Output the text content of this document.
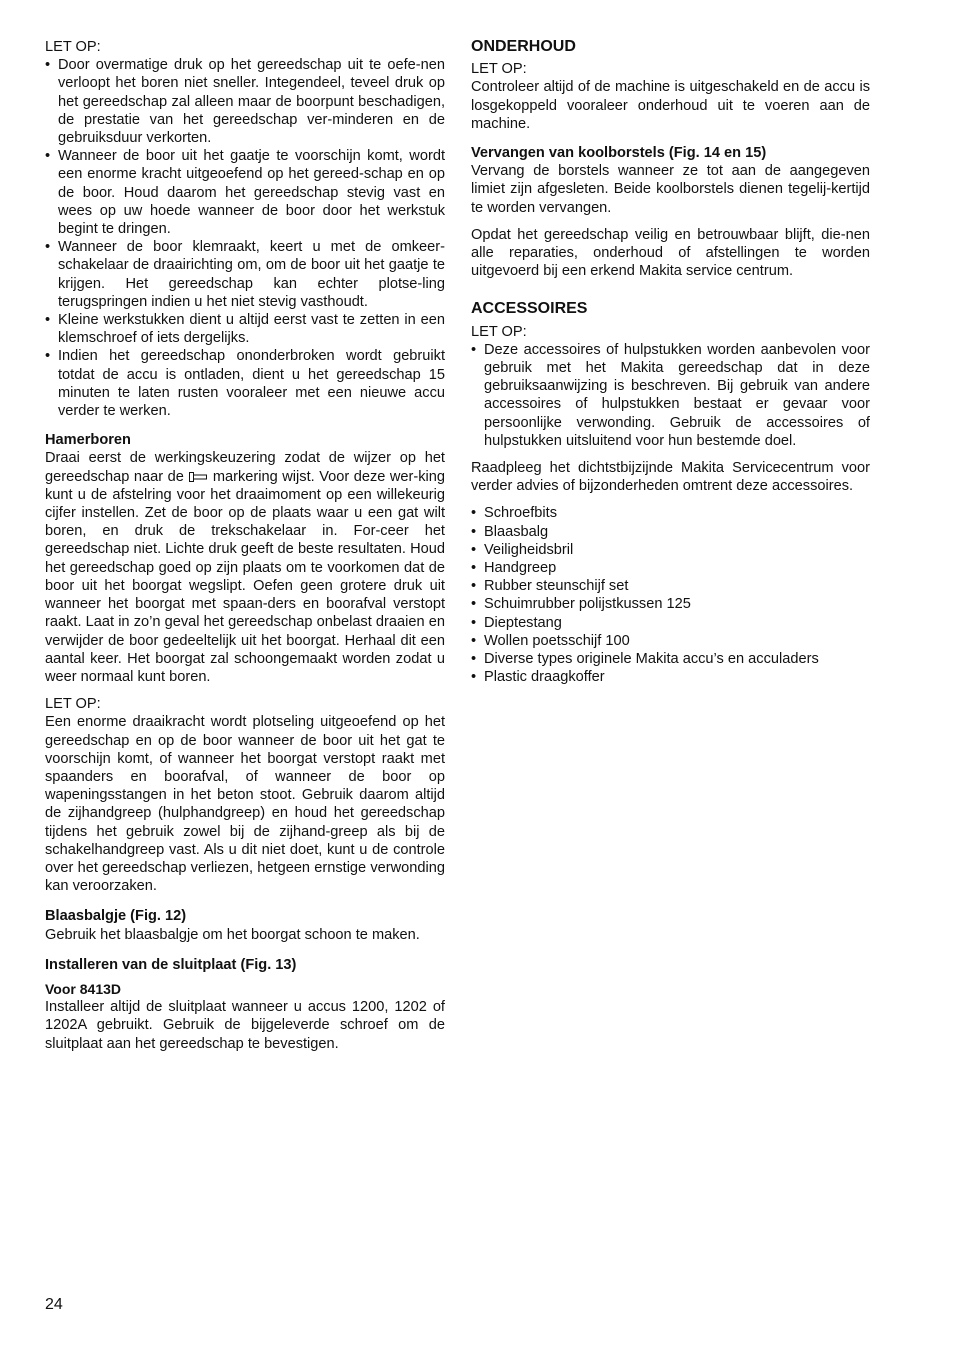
LET OP:

• Door overmatige druk op het gereedschap uit te oefe-nen verloopt het boren niet sneller. Integendeel, teveel druk op het gereedschap zal alleen maar de boorpunt beschadigen, de prestatie van het gereedschap ver-minderen en de gebruiksduur verkorten.
• Wanneer de boor uit het gaatje te voorschijn komt, wordt een enorme kracht uitgeoefend op het gereed-schap en op de boor. Houd daarom het gereedschap stevig vast en wees op uw hoede wanneer de boor door het werkstuk begint te dringen.
• Wanneer de boor klemraakt, keert u met de omkeer-schakelaar de draairichting om, om de boor uit het gaatje te krijgen. Het gereedschap kan echter plotse-ling terugspringen indien u het niet stevig vasthoudt.
• Kleine werkstukken dient u altijd eerst vast te zetten in een klemschroef of iets dergelijks.
• Indien het gereedschap ononderbroken wordt gebruikt totdat de accu is ontladen, dient u het gereedschap 15 minuten te laten rusten vooraleer met een nieuwe accu verder te werken.
Hamerboren

Draai eerst de werkingskeuzering zodat de wijzer op het gereedschap naar de markering wijst. Voor deze wer-king kunt u de afstelring voor het draaimoment op een willekeurig cijfer instellen. Zet de boor op de plaats waar u een gat wilt boren, en druk de trekschakelaar in. For-ceer het gereedschap niet. Lichte druk geeft de beste resultaten. Houd het gereedschap goed op zijn plaats om te voorkomen dat de boor uit het boorgat wegslipt. Oefen geen grotere druk uit wanneer het boorgat met spaan-ders en boorafval verstopt raakt. Laat in zo’n geval het gereedschap onbelast draaien en verwijder de boor gedeeltelijk uit het boorgat. Herhaal dit een aantal keer. Het boorgat zal schoongemaakt worden zodat u weer normaal kunt boren.

LET OP:

Een enorme draaikracht wordt plotseling uitgeoefend op het gereedschap en op de boor wanneer de boor uit het gat te voorschijn komt, of wanneer het boorgat verstopt raakt met spaanders en boorafval, of wanneer de boor op wapeningsstangen in het beton stoot. Gebruik daarom altijd de zijhandgreep (hulphandgreep) en houd het gereedschap tijdens het gebruik zowel bij de zijhand-greep als bij de schakelhandgreep vast. Als u dit niet doet, kunt u de controle over het gereedschap verliezen, hetgeen ernstige verwonding kan veroorzaken.

Blaasbalgje (Fig. 12)

Gebruik het blaasbalgje om het boorgat schoon te maken.

Installeren van de sluitplaat (Fig. 13)
Voor 8413D

Installeer altijd de sluitplaat wanneer u accus 1200, 1202 of 1202A gebruikt. Gebruik de bijgeleverde schroef om de sluitplaat aan het gereedschap te bevestigen.

ONDERHOUD

LET OP:

Controleer altijd of de machine is uitgeschakeld en de accu is losgekoppeld vooraleer onderhoud uit te voeren aan de machine.

Vervangen van koolborstels (Fig. 14 en 15)

Vervang de borstels wanneer ze tot aan de aangegeven limiet zijn afgesleten. Beide koolborstels dienen tegelij-kertijd te worden vervangen.

Opdat het gereedschap veilig en betrouwbaar blijft, die-nen alle reparaties, onderhoud of afstellingen te worden uitgevoerd bij een erkend Makita service centrum.

ACCESSOIRES

LET OP:

• Deze accessoires of hulpstukken worden aanbevolen voor gebruik met het Makita gereedschap dat in deze gebruiksaanwijzing is beschreven. Bij gebruik van andere accessoires of hulpstukken bestaat er gevaar voor persoonlijke verwonding. Gebruik de accessoires of hulpstukken uitsluitend voor hun bestemde doel.

Raadpleeg het dichtstbijzijnde Makita Servicecentrum voor verder advies of bijzonderheden omtrent deze accessoires.

• Schroefbits
• Blaasbalg
• Veiligheidsbril
• Handgreep
• Rubber steunschijf set
• Schuimrubber polijstkussen 125
• Dieptestang
• Wollen poetsschijf 100
• Diverse types originele Makita accu’s en acculaders
• Plastic draagkoffer
24
